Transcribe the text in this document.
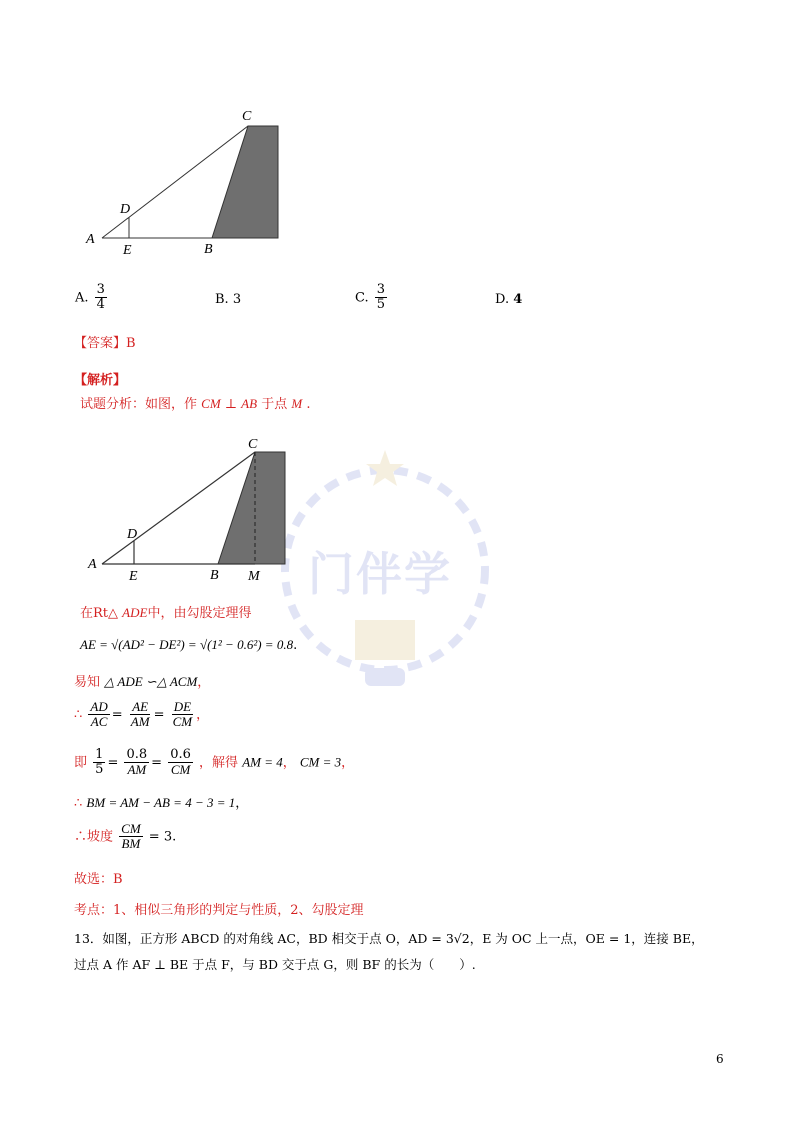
C
D
A
E	B
A. $\frac{3}{4}$	B. 3	C. $\frac{3}{5}$	D. 4
【答案】B
【解析】
试题分析：如图，作 CM ⊥ AB 于点 M .
门伴学
C
D
A
E	B M
在Rt△ ADE中，由勾股定理得
AE = √(AD² − DE²) = √(1² − 0.6²) = 0.8.
易知 △ ADE ∽△ ACM，
∴ $\frac{AD}{AC} = \frac{AE}{AM} = \frac{DE}{CM}$ ，
即 $\frac{1}{5} = \frac{0.8}{AM} = \frac{0.6}{CM}$ ，解得 AM = 4， CM = 3，
∴ BM = AM − AB = 4 − 3 = 1，
∴坡度 $\frac{CM}{BM} = 3$.
故选：B
考点：1、相似三角形的判定与性质，2、勾股定理
13．如图，正方形 ABCD 的对角线 AC，BD 相交于点 O，AD = 3√2，E 为 OC 上一点，OE = 1，连接 BE，
过点 A 作 AF ⊥ BE 于点 F，与 BD 交于点 G，则 BF 的长为（　　）.
6
